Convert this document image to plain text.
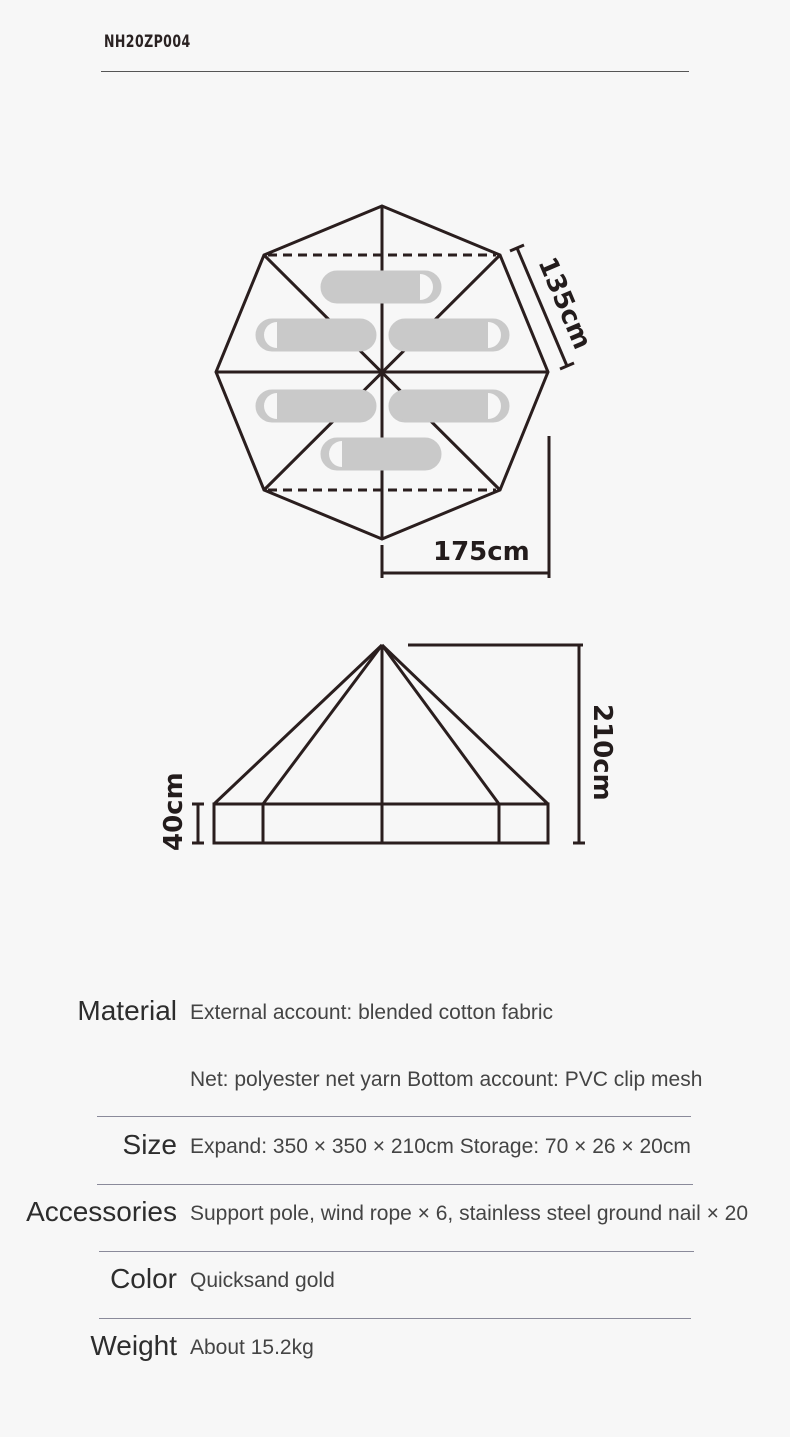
NH20ZP004
135cm
175cm
210cm
40cm
Material External account: blended cotton fabric
Net: polyester net yarn Bottom account: PVC clip mesh
Size Expand: 350 × 350 × 210cm Storage: 70 × 26 × 20cm
Accessories Support pole, wind rope × 6, stainless steel ground nail × 20
Color Quicksand gold
Weight About 15.2kg
